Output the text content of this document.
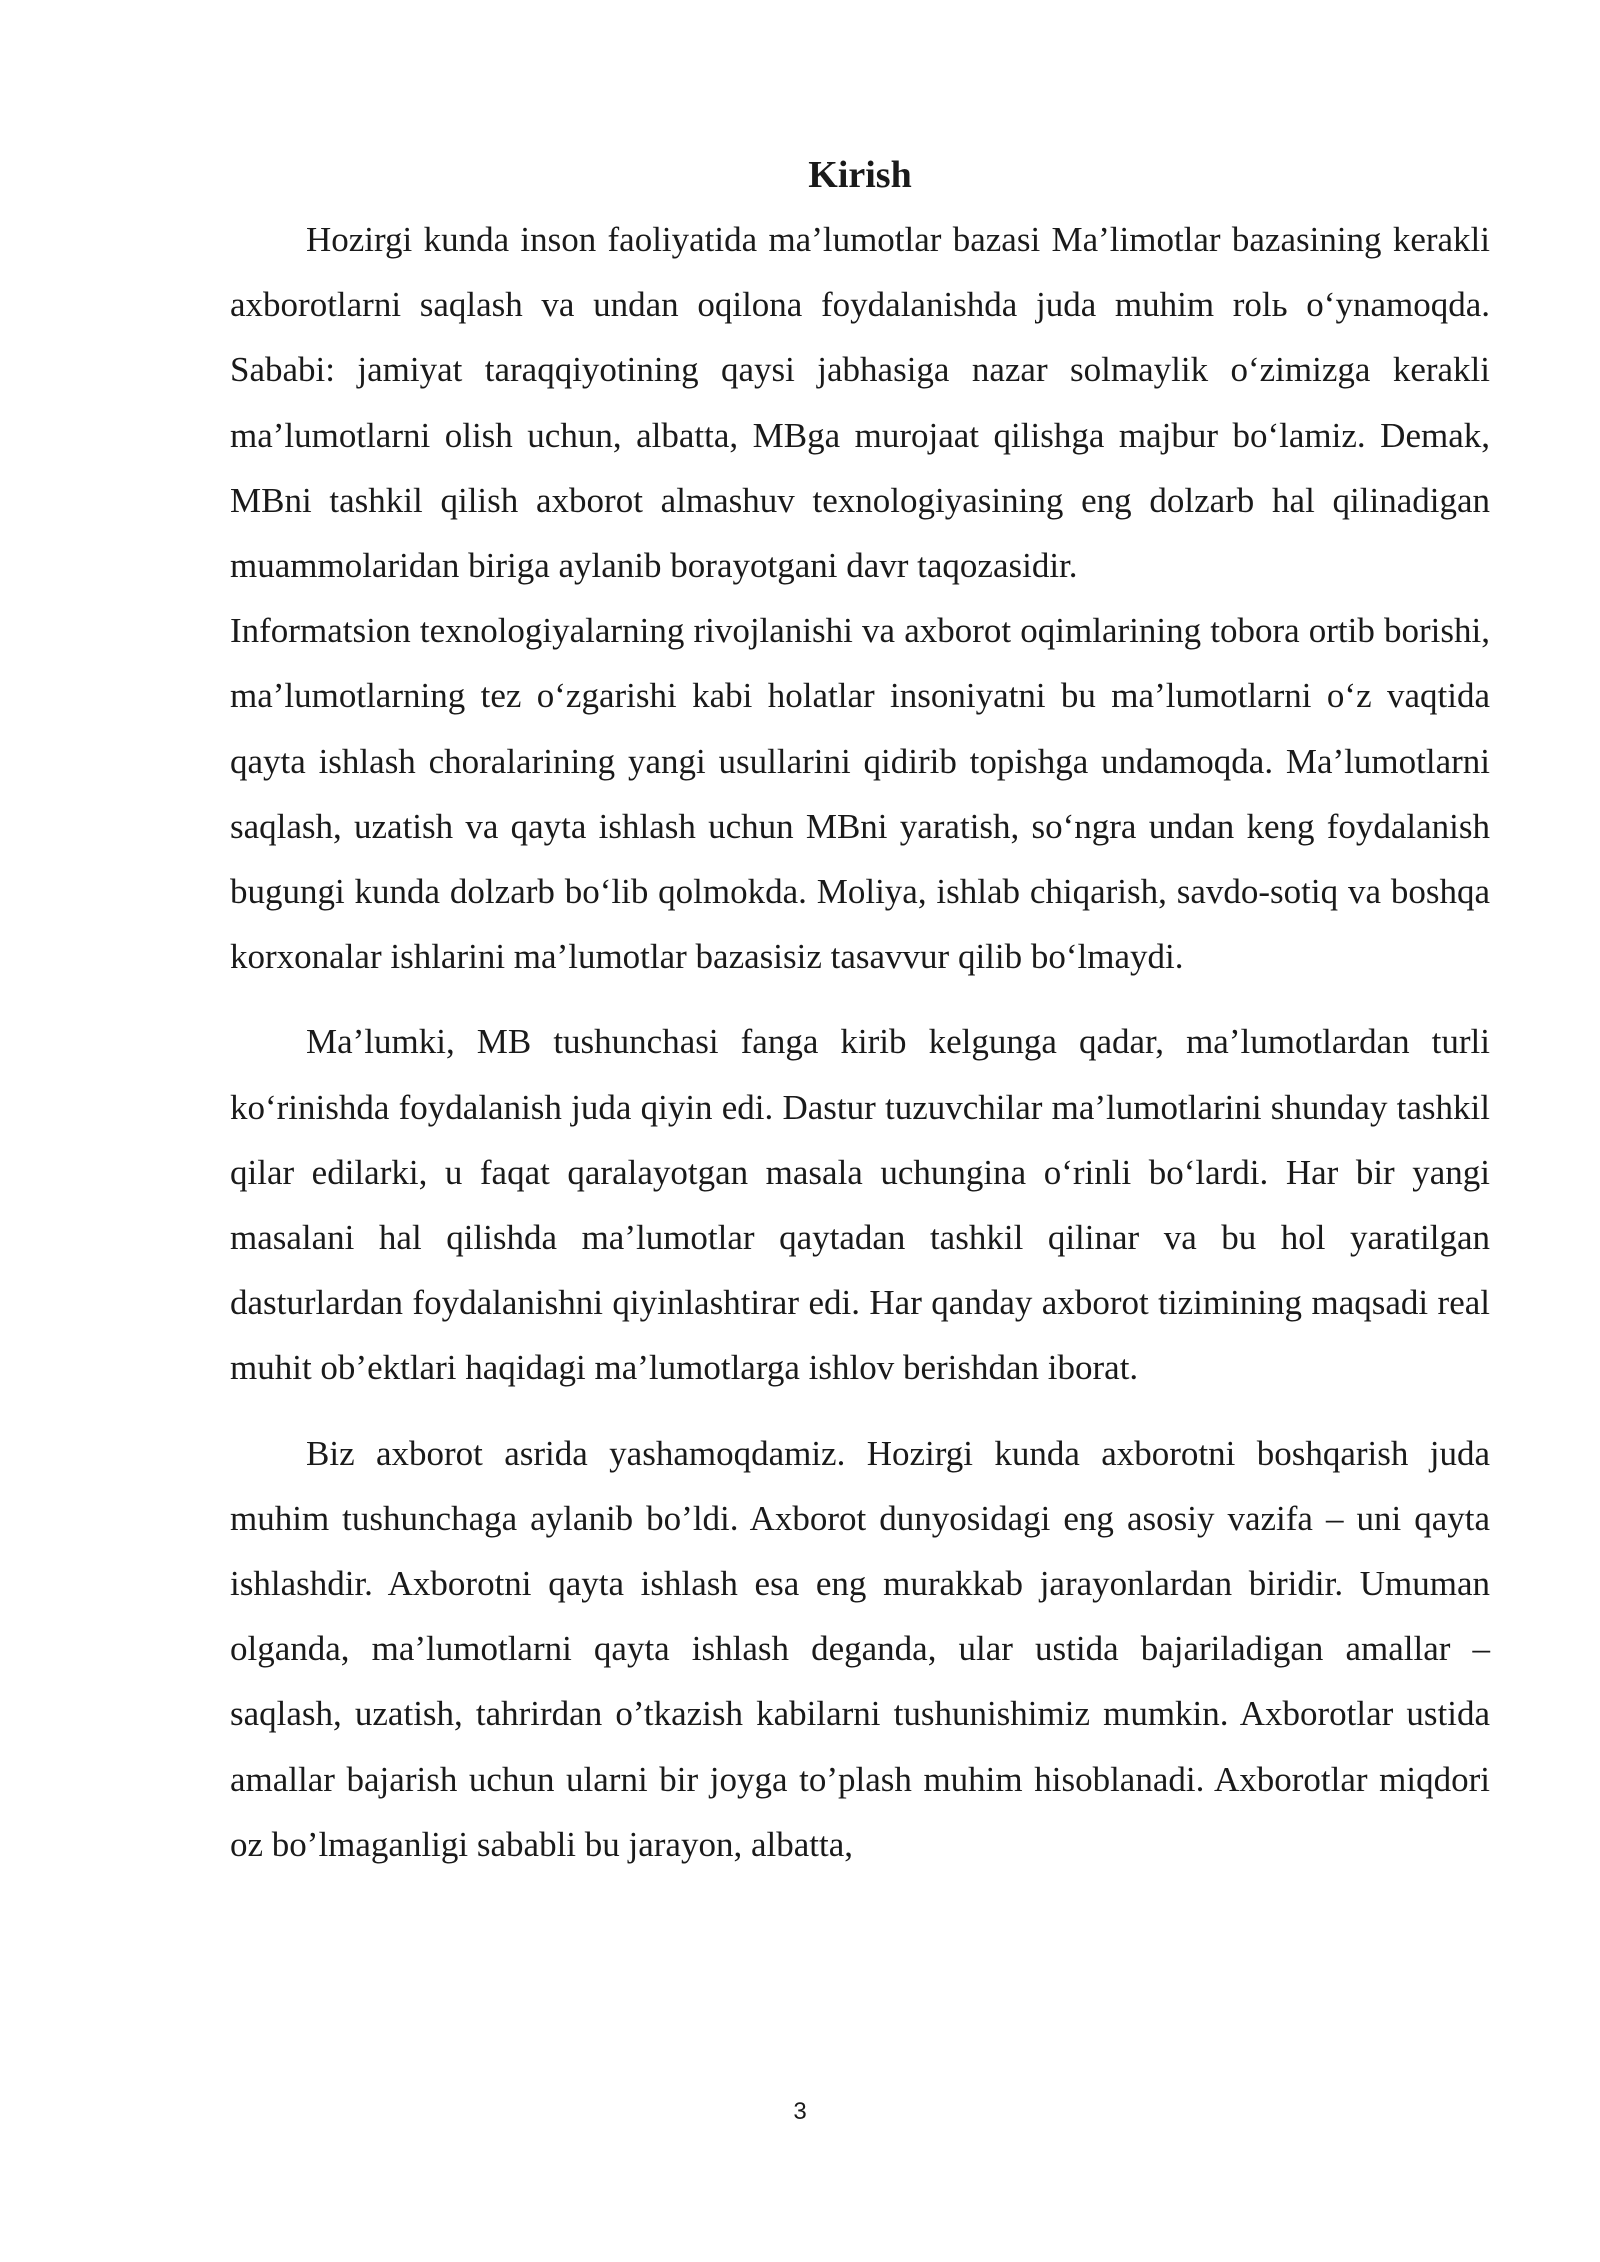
Kirish

Hozirgi kunda inson faoliyatida ma’lumotlar bazasi Ma’limotlar bazasining kerakli axborotlarni saqlash va undan oqilona foydalanishda juda muhim rolь o‘ynamoqda. Sababi: jamiyat taraqqiyotining qaysi jabhasiga nazar solmaylik o‘zimizga kerakli ma’lumotlarni olish uchun, albatta, MBga murojaat qilishga majbur bo‘lamiz. Demak, MBni tashkil qilish axborot almashuv texnologiyasining eng dolzarb hal qilinadigan muammolaridan biriga aylanib borayotgani davr taqozasidir.

Informatsion texnologiyalarning rivojlanishi va axborot oqimlarining tobora ortib borishi, ma’lumotlarning tez o‘zgarishi kabi holatlar insoniyatni bu ma’lumotlarni o‘z vaqtida qayta ishlash choralarining yangi usullarini qidirib topishga undamoqda. Ma’lumotlarni saqlash, uzatish va qayta ishlash uchun MBni yaratish, so‘ngra undan keng foydalanish bugungi kunda dolzarb bo‘lib qolmokda. Moliya, ishlab chiqarish, savdo-sotiq va boshqa korxonalar ishlarini ma’lumotlar bazasisiz tasavvur qilib bo‘lmaydi.

Ma’lumki, MB tushunchasi fanga kirib kelgunga qadar, ma’lumotlardan turli ko‘rinishda foydalanish juda qiyin edi. Dastur tuzuvchilar ma’lumotlarini shunday tashkil qilar edilarki, u faqat qaralayotgan masala uchungina o‘rinli bo‘lardi. Har bir yangi masalani hal qilishda ma’lumotlar qaytadan tashkil qilinar va bu hol yaratilgan dasturlardan foydalanishni qiyinlashtirar edi. Har qanday axborot tizimining maqsadi real muhit ob’ektlari haqidagi ma’lumotlarga ishlov berishdan iborat.

Biz axborot asrida yashamoqdamiz. Hozirgi kunda axborotni boshqarish juda muhim tushunchaga aylanib bo’ldi. Axborot dunyosidagi eng asosiy vazifa – uni qayta ishlashdir. Axborotni qayta ishlash esa eng murakkab jarayonlardan biridir. Umuman olganda, ma’lumotlarni qayta ishlash deganda, ular ustida bajariladigan amallar – saqlash, uzatish, tahrirdan o’tkazish kabilarni tushunishimiz mumkin. Axborotlar ustida amallar bajarish uchun ularni bir joyga to’plash muhim hisoblanadi. Axborotlar miqdori oz bo’lmaganligi sababli bu jarayon, albatta,

3
